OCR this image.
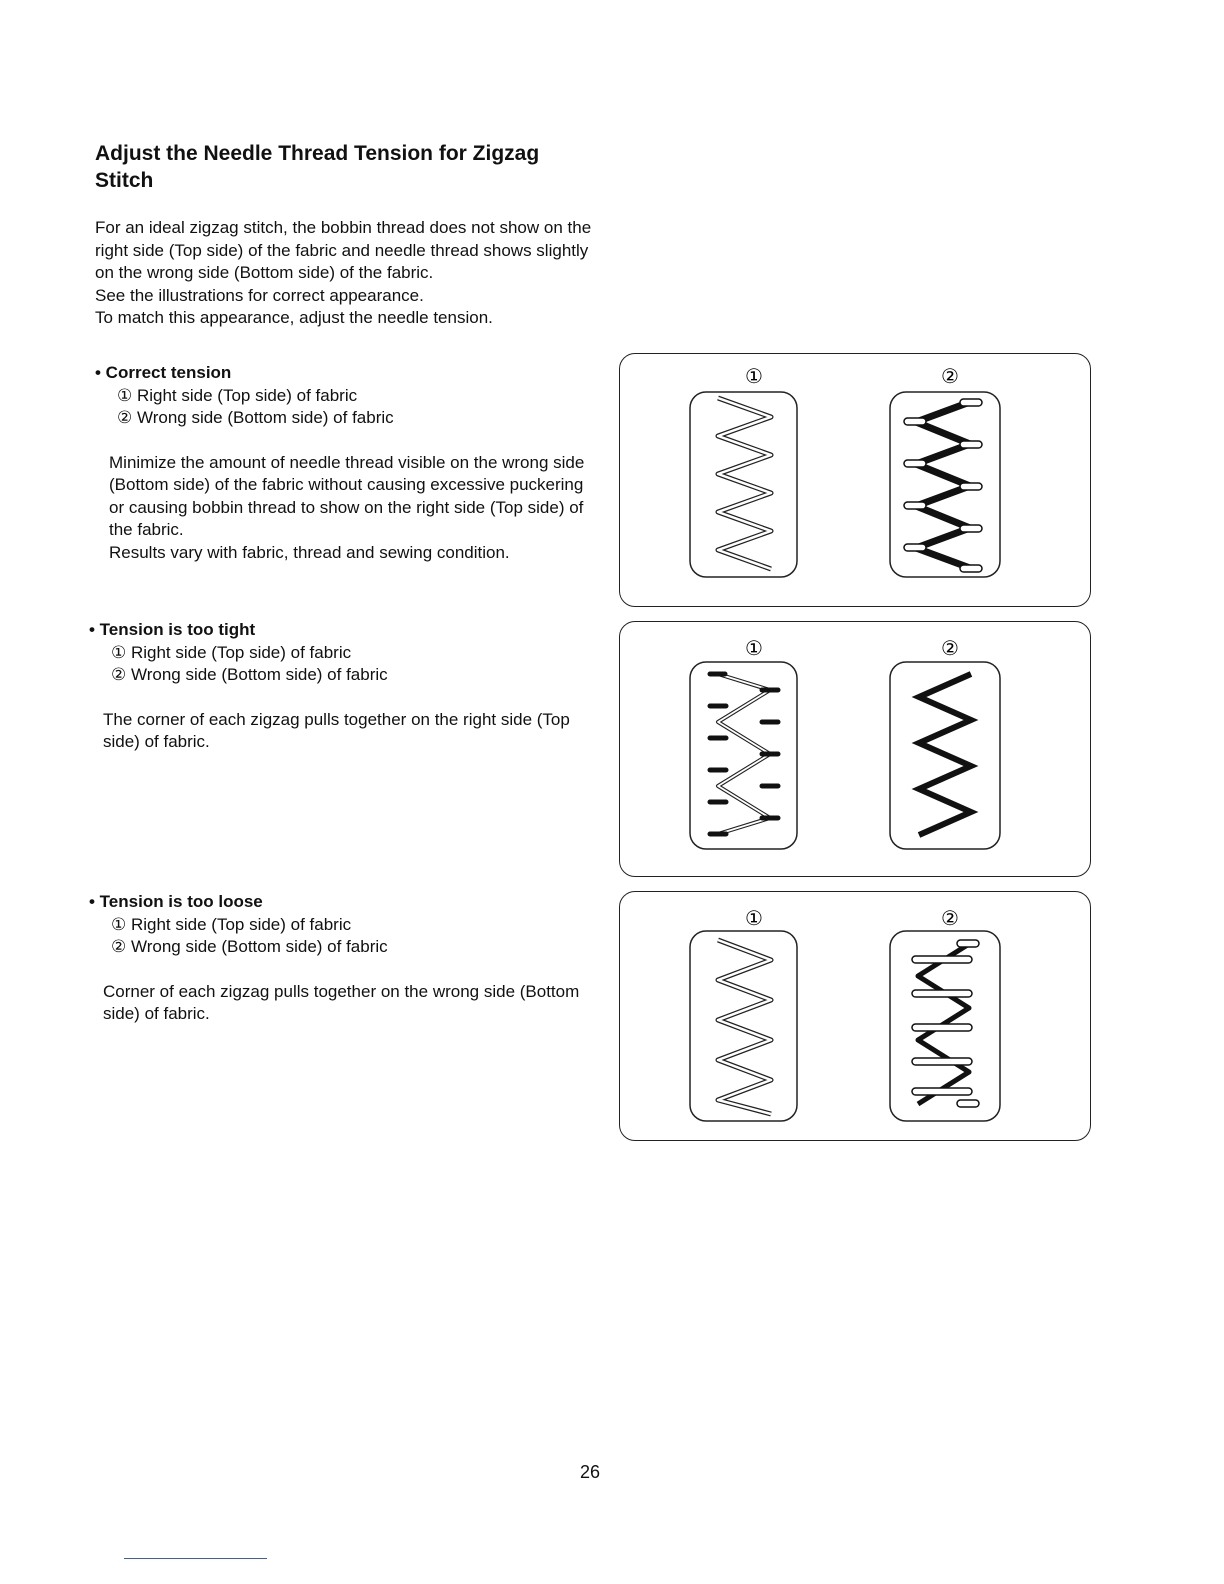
Adjust the Needle Thread Tension for Zigzag Stitch

For an ideal zigzag stitch, the bobbin thread does not show on the right side (Top side) of the fabric and needle thread shows slightly on the wrong side (Bottom side) of the fabric.

See the illustrations for correct appearance.

To match this appearance, adjust the needle tension.

• Correct tension

① Right side (Top side) of fabric

② Wrong side (Bottom side) of fabric

Minimize the amount of needle thread visible on the wrong side (Bottom side) of the fabric without causing excessive puckering or causing bobbin thread to show on the right side (Top side) of the fabric.

Results vary with fabric, thread and sewing condition.

• Tension is too tight

① Right side (Top side) of fabric

② Wrong side (Bottom side) of fabric

The corner of each zigzag pulls together on the right side (Top side) of fabric.

• Tension is too loose

① Right side (Top side) of fabric

② Wrong side (Bottom side) of fabric

Corner of each zigzag pulls together on the wrong side (Bottom side) of fabric.

①	②
①	②
①	②
26
